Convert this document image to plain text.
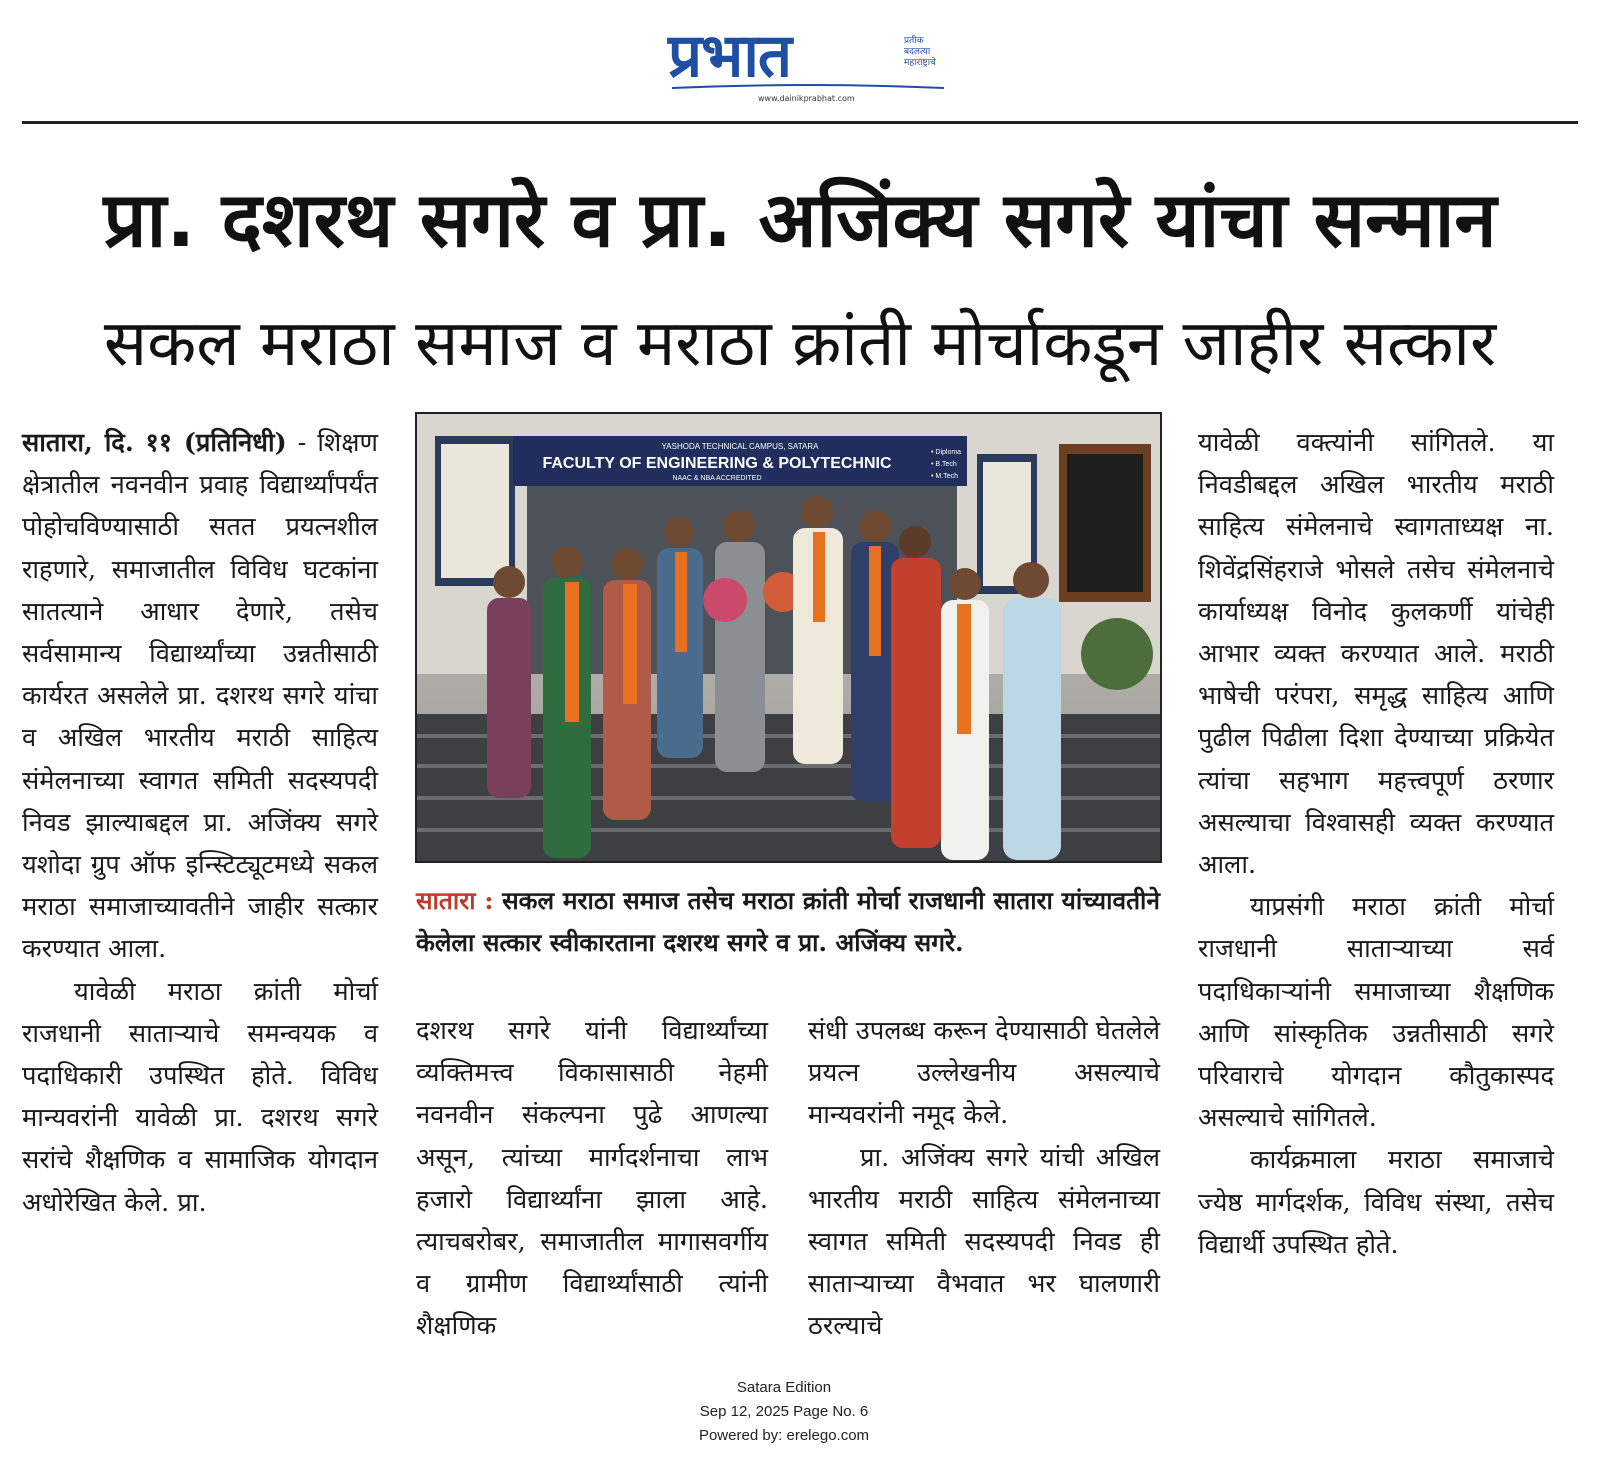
प्रभात	प्रतीक बदलत्या महाराष्ट्राचे
www.dainikprabhat.com
प्रा. दशरथ सगरे व प्रा. अजिंक्य सगरे यांचा सन्मान
सकल मराठा समाज व मराठा क्रांती मोर्चाकडून जाहीर सत्कार

सातारा, दि. ११ (प्रतिनिधी) - शिक्षण क्षेत्रातील नवनवीन प्रवाह विद्यार्थ्यांपर्यंत पोहोचविण्यासाठी सतत प्रयत्नशील राहणारे, समाजातील विविध घटकांना सातत्याने आधार देणारे, तसेच सर्वसामान्य विद्यार्थ्यांच्या उन्नतीसाठी कार्यरत असलेले प्रा. दशरथ सगरे यांचा व अखिल भारतीय मराठी साहित्य संमेलनाच्या स्वागत समिती सदस्यपदी निवड झाल्याबद्दल प्रा. अजिंक्य सगरे यशोदा ग्रुप ऑफ इन्स्टिट्यूटमध्ये सकल मराठा समाजाच्यावतीने जाहीर सत्कार करण्यात आला.

यावेळी मराठा क्रांती मोर्चा राजधानी साताऱ्याचे समन्वयक व पदाधिकारी उपस्थित होते. विविध मान्यवरांनी यावेळी प्रा. दशरथ सगरे सरांचे शैक्षणिक व सामाजिक योगदान अधोरेखित केले. प्रा.

YASHODA TECHNICAL CAMPUS, SATARA
FACULTY OF ENGINEERING & POLYTECHNIC
NAAC & NBA ACCREDITED
• Diploma
• B.Tech
• M.Tech
सातारा : सकल मराठा समाज तसेच मराठा क्रांती मोर्चा राजधानी सातारा यांच्यावतीने केलेला सत्कार स्वीकारताना दशरथ सगरे व प्रा. अजिंक्य सगरे.

दशरथ सगरे यांनी विद्यार्थ्यांच्या व्यक्तिमत्त्व विकासासाठी नेहमी नवनवीन संकल्पना पुढे आणल्या असून, त्यांच्या मार्गदर्शनाचा लाभ हजारो विद्यार्थ्यांना झाला आहे. त्याचबरोबर, समाजातील मागासवर्गीय व ग्रामीण विद्यार्थ्यांसाठी त्यांनी शैक्षणिक

संधी उपलब्ध करून देण्यासाठी घेतलेले प्रयत्न उल्लेखनीय असल्याचे मान्यवरांनी नमूद केले.

प्रा. अजिंक्य सगरे यांची अखिल भारतीय मराठी साहित्य संमेलनाच्या स्वागत समिती सदस्यपदी निवड ही साताऱ्याच्या वैभवात भर घालणारी ठरल्याचे

यावेळी वक्त्यांनी सांगितले. या निवडीबद्दल अखिल भारतीय मराठी साहित्य संमेलनाचे स्वागताध्यक्ष ना. शिवेंद्रसिंहराजे भोसले तसेच संमेलनाचे कार्याध्यक्ष विनोद कुलकर्णी यांचेही आभार व्यक्त करण्यात आले. मराठी भाषेची परंपरा, समृद्ध साहित्य आणि पुढील पिढीला दिशा देण्याच्या प्रक्रियेत त्यांचा सहभाग महत्त्वपूर्ण ठरणार असल्याचा विश्वासही व्यक्त करण्यात आला.

याप्रसंगी मराठा क्रांती मोर्चा राजधानी साताऱ्याच्या सर्व पदाधिकाऱ्यांनी समाजाच्या शैक्षणिक आणि सांस्कृतिक उन्नतीसाठी सगरे परिवाराचे योगदान कौतुकास्पद असल्याचे सांगितले.

कार्यक्रमाला मराठा समाजाचे ज्येष्ठ मार्गदर्शक, विविध संस्था, तसेच विद्यार्थी उपस्थित होते.

Satara Edition
Sep 12, 2025 Page No. 6
Powered by: erelego.com
